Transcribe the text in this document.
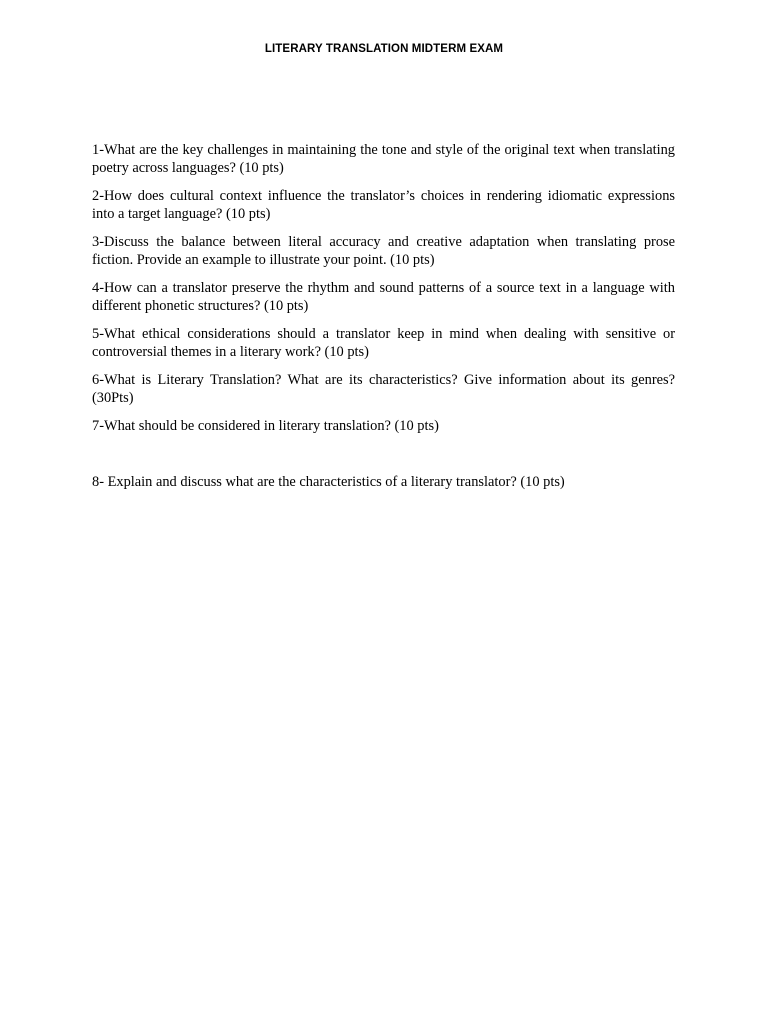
LITERARY TRANSLATION MIDTERM EXAM

1-What are the key challenges in maintaining the tone and style of the original text when translating poetry across languages? (10 pts)

2-How does cultural context influence the translator’s choices in rendering idiomatic expressions into a target language? (10 pts)

3-Discuss the balance between literal accuracy and creative adaptation when translating prose fiction. Provide an example to illustrate your point. (10 pts)

4-How can a translator preserve the rhythm and sound patterns of a source text in a language with different phonetic structures? (10 pts)

5-What ethical considerations should a translator keep in mind when dealing with sensitive or controversial themes in a literary work? (10 pts)

6-What is Literary Translation? What are its characteristics? Give information about its genres? (30Pts)

7-What should be considered in literary translation? (10 pts)

8- Explain and discuss what are the characteristics of a literary translator? (10 pts)
